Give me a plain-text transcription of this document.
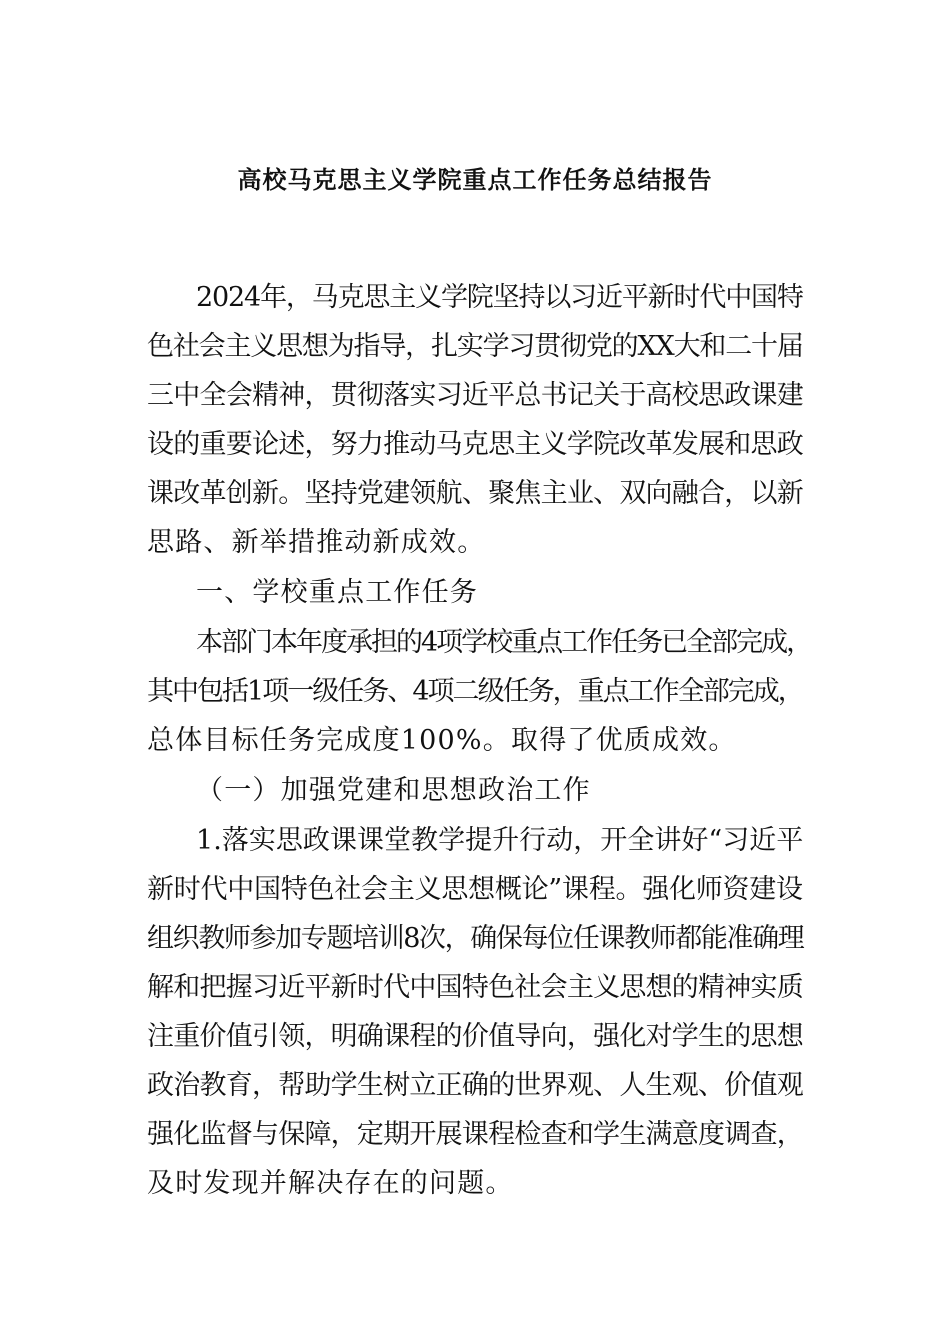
高校马克思主义学院重点工作任务总结报告

2024年，马克思主义学院坚持以习近平新时代中国特

色社会主义思想为指导，扎实学习贯彻党的XX大和二十届

三中全会精神，贯彻落实习近平总书记关于高校思政课建

设的重要论述，努力推动马克思主义学院改革发展和思政

课改革创新。坚持党建领航、聚焦主业、双向融合，以新

思路、新举措推动新成效。

一、学校重点工作任务

本部门本年度承担的4项学校重点工作任务已全部完成，

其中包括1项一级任务、4项二级任务，重点工作全部完成，

总体目标任务完成度100%。取得了优质成效。

（一）加强党建和思想政治工作

1.落实思政课课堂教学提升行动，开全讲好“习近平

新时代中国特色社会主义思想概论”课程。强化师资建设

组织教师参加专题培训8次，确保每位任课教师都能准确理

解和把握习近平新时代中国特色社会主义思想的精神实质

注重价值引领，明确课程的价值导向，强化对学生的思想

政治教育，帮助学生树立正确的世界观、人生观、价值观

强化监督与保障，定期开展课程检查和学生满意度调查，

及时发现并解决存在的问题。
